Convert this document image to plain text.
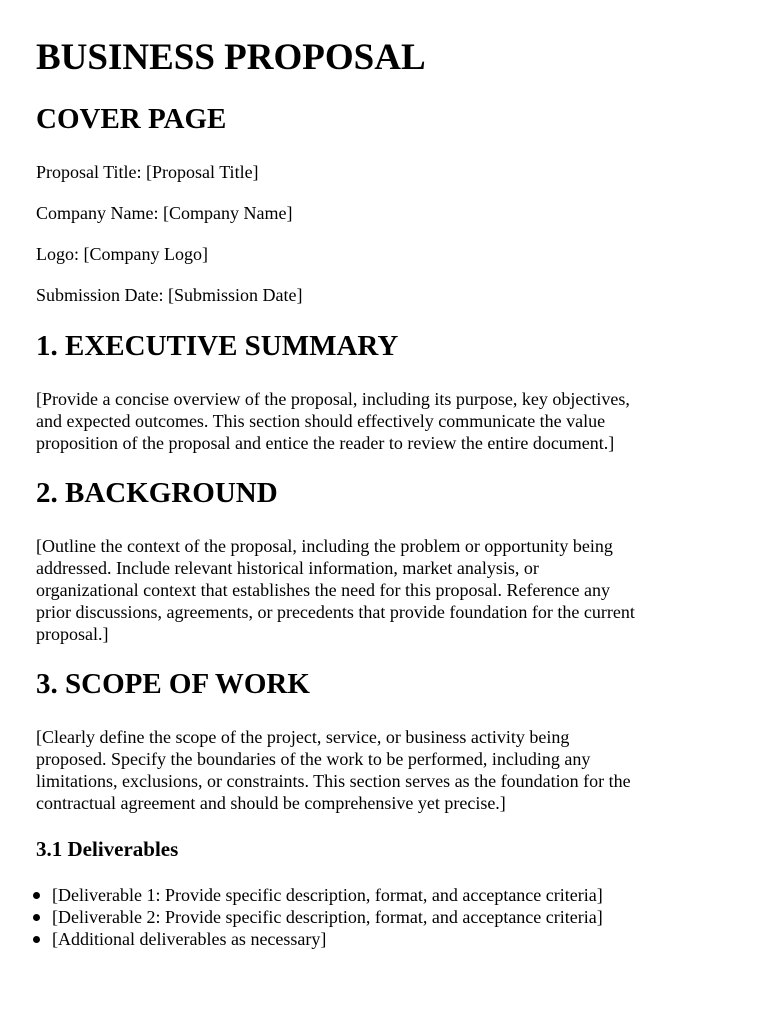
BUSINESS PROPOSAL
COVER PAGE
Proposal Title: [Proposal Title]
Company Name: [Company Name]
Logo: [Company Logo]
Submission Date: [Submission Date]
1. EXECUTIVE SUMMARY
[Provide a concise overview of the proposal, including its purpose, key objectives,
and expected outcomes. This section should effectively communicate the value
proposition of the proposal and entice the reader to review the entire document.]
2. BACKGROUND
[Outline the context of the proposal, including the problem or opportunity being
addressed. Include relevant historical information, market analysis, or
organizational context that establishes the need for this proposal. Reference any
prior discussions, agreements, or precedents that provide foundation for the current
proposal.]
3. SCOPE OF WORK
[Clearly define the scope of the project, service, or business activity being
proposed. Specify the boundaries of the work to be performed, including any
limitations, exclusions, or constraints. This section serves as the foundation for the
contractual agreement and should be comprehensive yet precise.]
3.1 Deliverables
[Deliverable 1: Provide specific description, format, and acceptance criteria]
[Deliverable 2: Provide specific description, format, and acceptance criteria]
[Additional deliverables as necessary]
